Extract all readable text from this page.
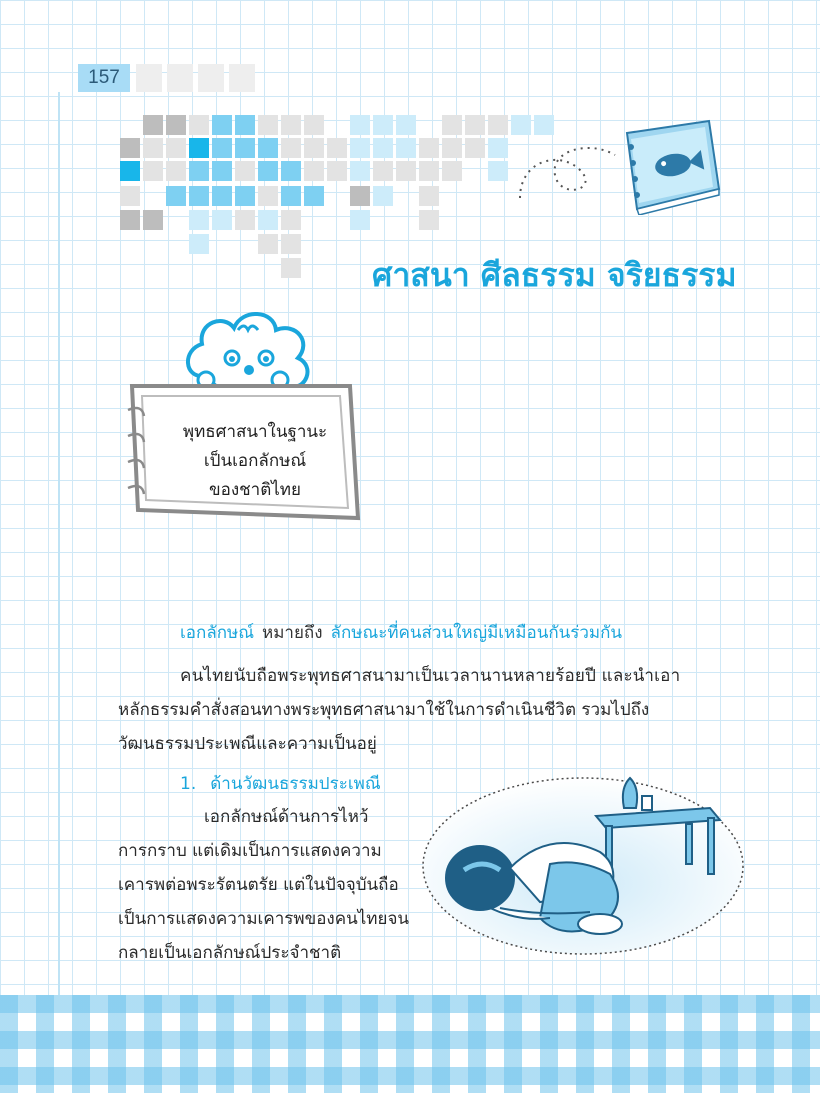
157
ศาสนา ศีลธรรม จริยธรรม
พุทธศาสนาในฐานะ
เป็นเอกลักษณ์
ของชาติไทย
เอกลักษณ์ หมายถึง ลักษณะที่คนส่วนใหญ่มีเหมือนกันร่วมกัน
คนไทยนับถือพระพุทธศาสนามาเป็นเวลานานหลายร้อยปี และนำเอา
หลักธรรมคำสั่งสอนทางพระพุทธศาสนามาใช้ในการดำเนินชีวิต รวมไปถึง
วัฒนธรรมประเพณีและความเป็นอยู่
1. ด้านวัฒนธรรมประเพณี
เอกลักษณ์ด้านการไหว้
การกราบ แต่เดิมเป็นการแสดงความ
เคารพต่อพระรัตนตรัย แต่ในปัจจุบันถือ
เป็นการแสดงความเคารพของคนไทยจน
กลายเป็นเอกลักษณ์ประจำชาติ
